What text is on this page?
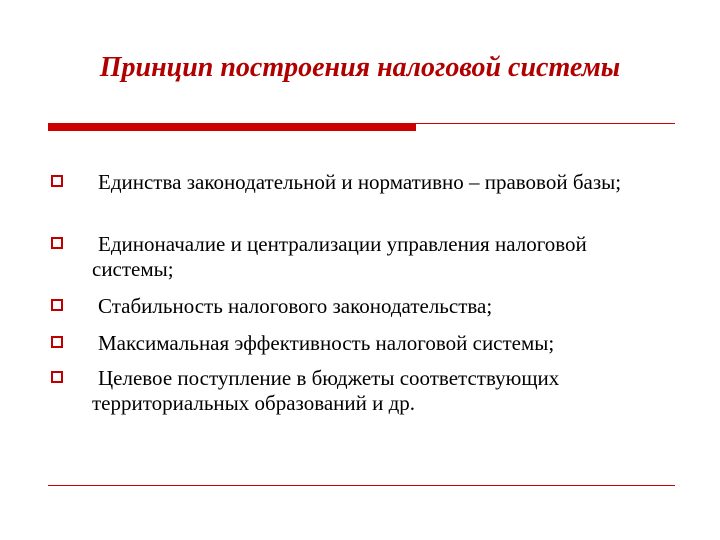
Принцип построения налоговой системы
Единства законодательной и нормативно – правовой базы;
Единоначалие и централизации управления налоговой системы;
Стабильность налогового законодательства;
Максимальная эффективность налоговой системы;
Целевое поступление в бюджеты соответствующих территориальных образований и др.
